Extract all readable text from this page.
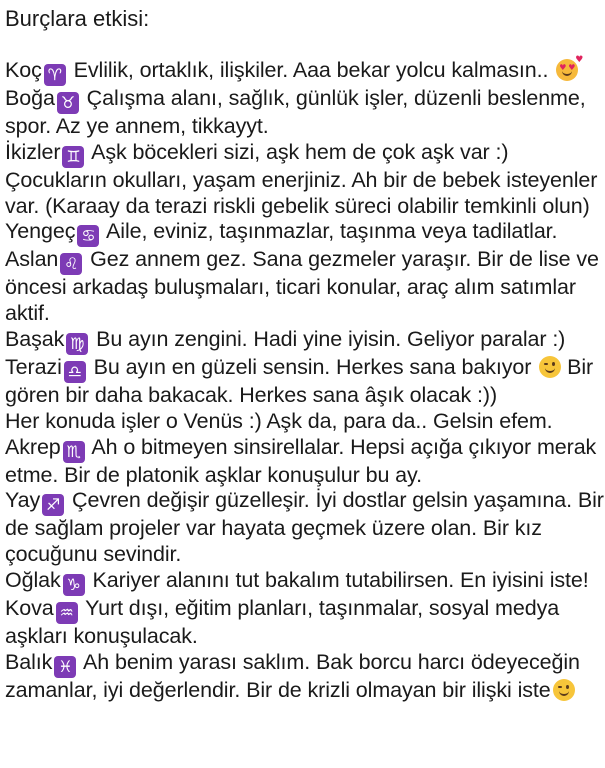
Burçlara etkisi:

Koç ♈ Evlilik, ortaklık, ilişkiler. Aaa bekar yolcu kalmasın..
♥ ♥
♥

Boğa ♉ Çalışma alanı, sağlık, günlük işler, düzenli beslenme, spor. Az ye annem, tikkayyt.

İkizler ♊ Aşk böcekleri sizi, aşk hem de çok aşk var :) Çocukların okulları, yaşam enerjiniz. Ah bir de bebek isteyenler var. (Karaay da terazi riskli gebelik süreci olabilir temkinli olun)

Yengeç ♋ Aile, eviniz, taşınmazlar, taşınma veya tadilatlar.

Aslan ♌ Gez annem gez. Sana gezmeler yaraşır. Bir de lise ve öncesi arkadaş buluşmaları, ticari konular, araç alım satımlar aktif.

Başak ♍ Bu ayın zengini. Hadi yine iyisin. Geliyor paralar :)

Terazi ♎ Bu ayın en güzeli sensin. Herkes sana bakıyor
Bir gören bir daha bakacak. Herkes sana âşık olacak :))

Her konuda işler o Venüs :) Aşk da, para da.. Gelsin efem.

Akrep ♏ Ah o bitmeyen sinsirellalar. Hepsi açığa çıkıyor merak etme. Bir de platonik aşklar konuşulur bu ay.

Yay ♐ Çevren değişir güzelleşir. İyi dostlar gelsin yaşamına. Bir de sağlam projeler var hayata geçmek üzere olan. Bir kız çocuğunu sevindir.

Oğlak ♑ Kariyer alanını tut bakalım tutabilirsen. En iyisini iste!

Kova ♒ Yurt dışı, eğitim planları, taşınmalar, sosyal medya aşkları konuşulacak.

Balık ♓ Ah benim yarası saklım. Bak borcu harcı ödeyeceğin zamanlar, iyi değerlendir. Bir de krizli olmayan bir ilişki iste
